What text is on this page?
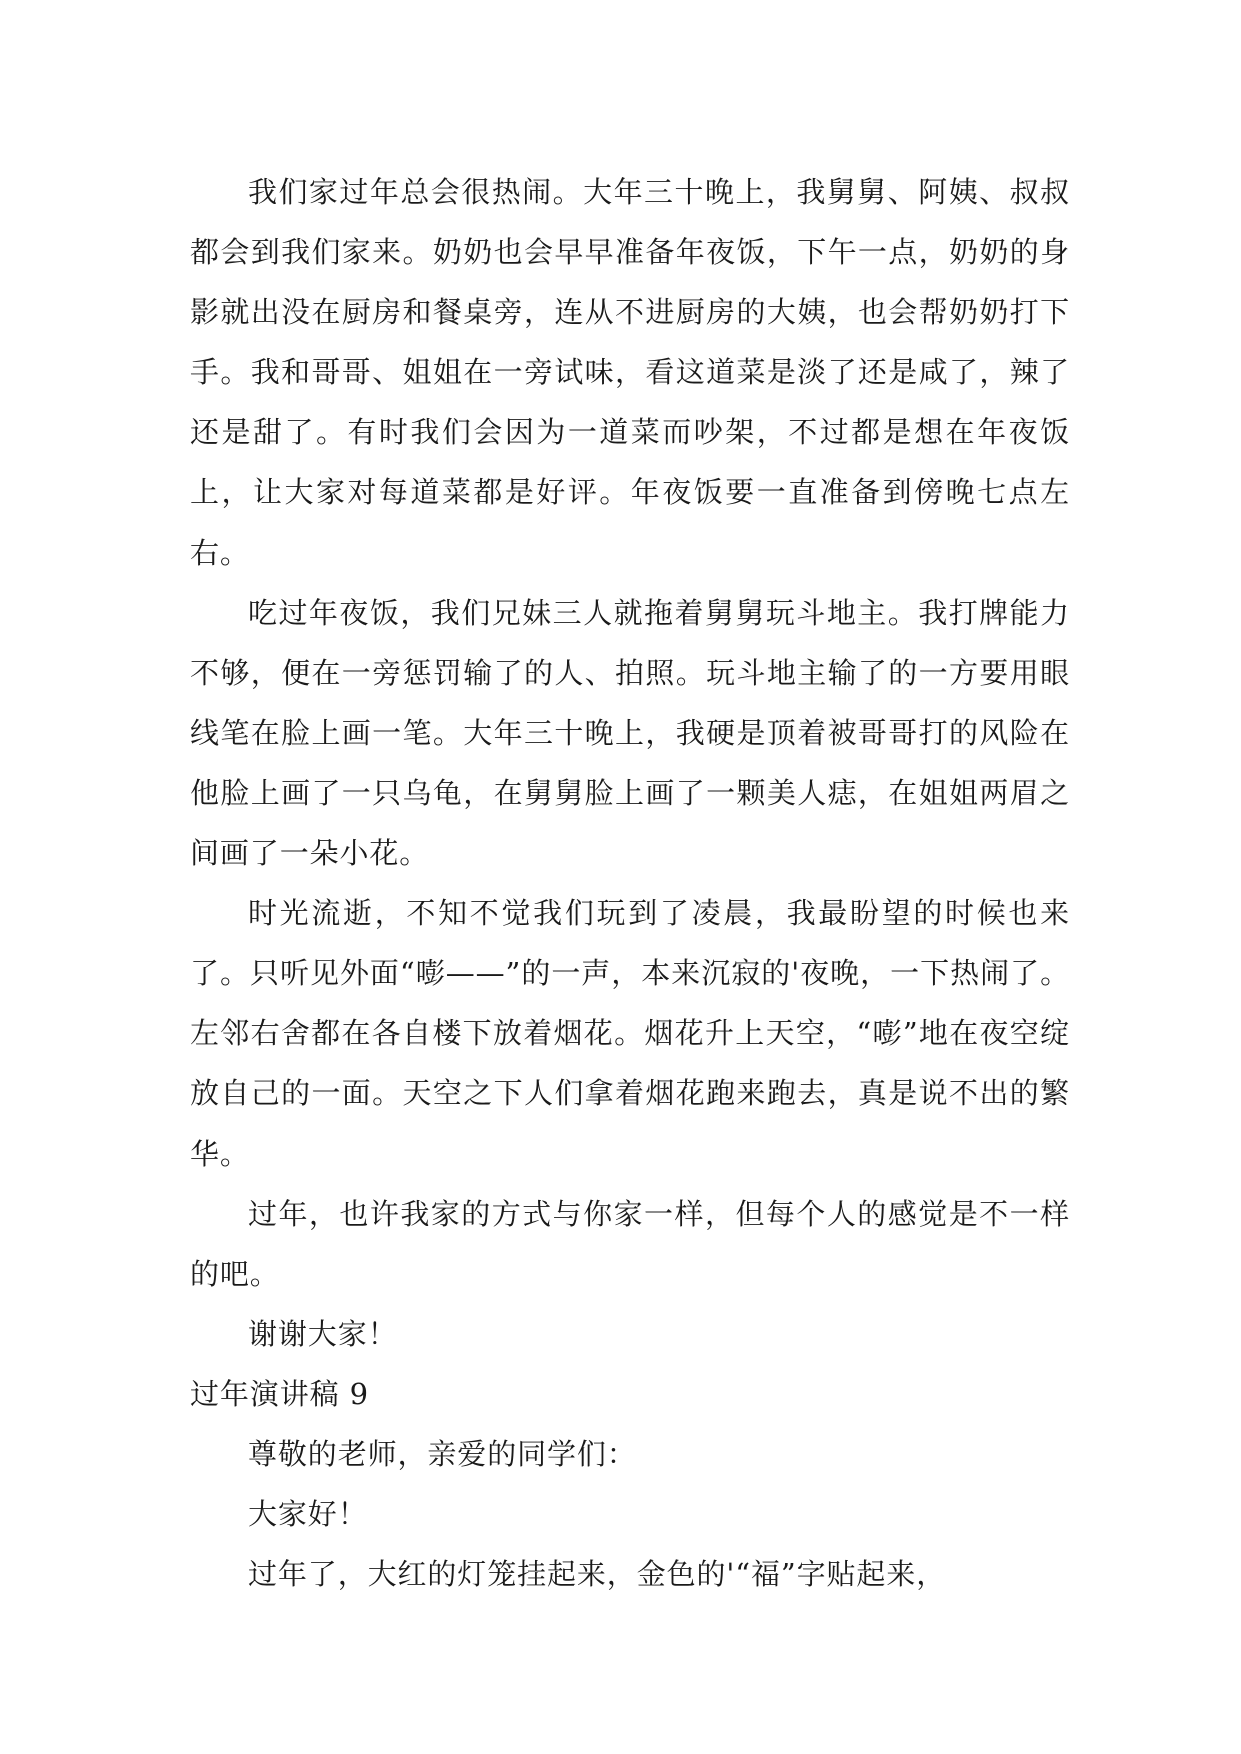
我们家过年总会很热闹。大年三十晚上，我舅舅、阿姨、叔叔都会到我们家来。奶奶也会早早准备年夜饭，下午一点，奶奶的身影就出没在厨房和餐桌旁，连从不进厨房的大姨，也会帮奶奶打下手。我和哥哥、姐姐在一旁试味，看这道菜是淡了还是咸了，辣了还是甜了。有时我们会因为一道菜而吵架，不过都是想在年夜饭上，让大家对每道菜都是好评。年夜饭要一直准备到傍晚七点左右。

吃过年夜饭，我们兄妹三人就拖着舅舅玩斗地主。我打牌能力不够，便在一旁惩罚输了的人、拍照。玩斗地主输了的一方要用眼线笔在脸上画一笔。大年三十晚上，我硬是顶着被哥哥打的风险在他脸上画了一只乌龟，在舅舅脸上画了一颗美人痣，在姐姐两眉之间画了一朵小花。

时光流逝，不知不觉我们玩到了凌晨，我最盼望的时候也来了。只听见外面“嘭——”的一声，本来沉寂的'夜晚，一下热闹了。左邻右舍都在各自楼下放着烟花。烟花升上天空，“嘭”地在夜空绽放自己的一面。天空之下人们拿着烟花跑来跑去，真是说不出的繁华。

过年，也许我家的方式与你家一样，但每个人的感觉是不一样的吧。

谢谢大家！

过年演讲稿 9

尊敬的老师，亲爱的同学们：

大家好！

过年了，大红的灯笼挂起来，金色的'“福”字贴起来，
